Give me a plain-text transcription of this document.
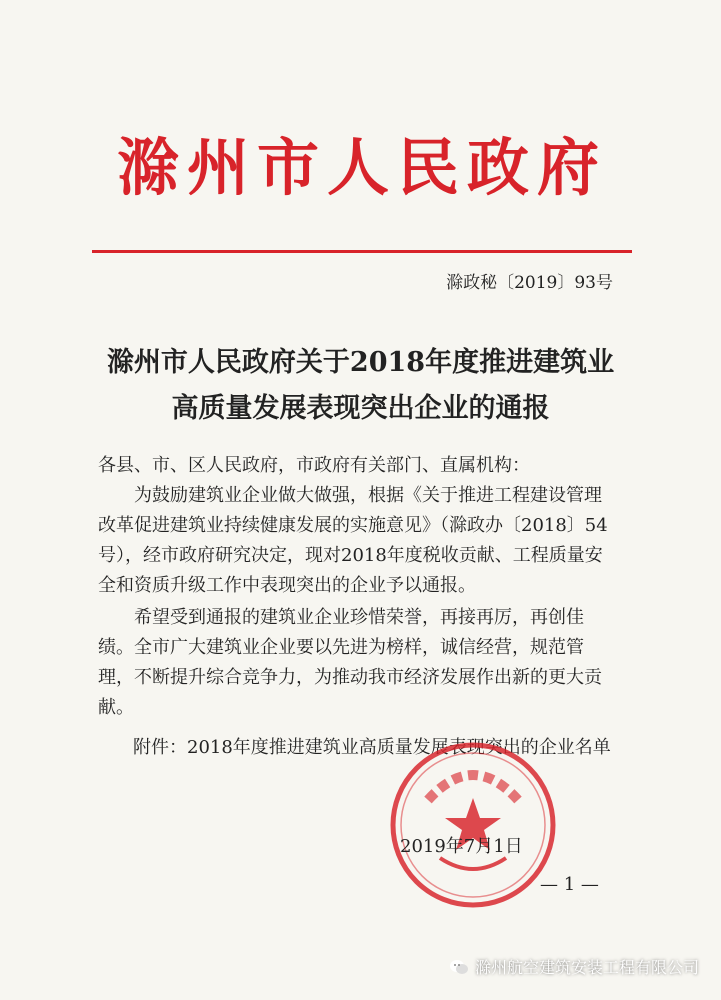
滁州市人民政府
滁政秘〔2019〕93号
滁州市人民政府关于2018年度推进建筑业
高质量发展表现突出企业的通报
各县、市、区人民政府，市政府有关部门、直属机构：
为鼓励建筑业企业做大做强，根据《关于推进工程建设管理改革促进建筑业持续健康发展的实施意见》（滁政办〔2018〕54号），经市政府研究决定，现对2018年度税收贡献、工程质量安全和资质升级工作中表现突出的企业予以通报。
希望受到通报的建筑业企业珍惜荣誉，再接再厉，再创佳绩。全市广大建筑业企业要以先进为榜样，诚信经营，规范管理，不断提升综合竞争力，为推动我市经济发展作出新的更大贡献。
附件：2018年度推进建筑业高质量发展表现突出的企业名单
2019年7月1日
— 1 —
滁州航空建筑安装工程有限公司
